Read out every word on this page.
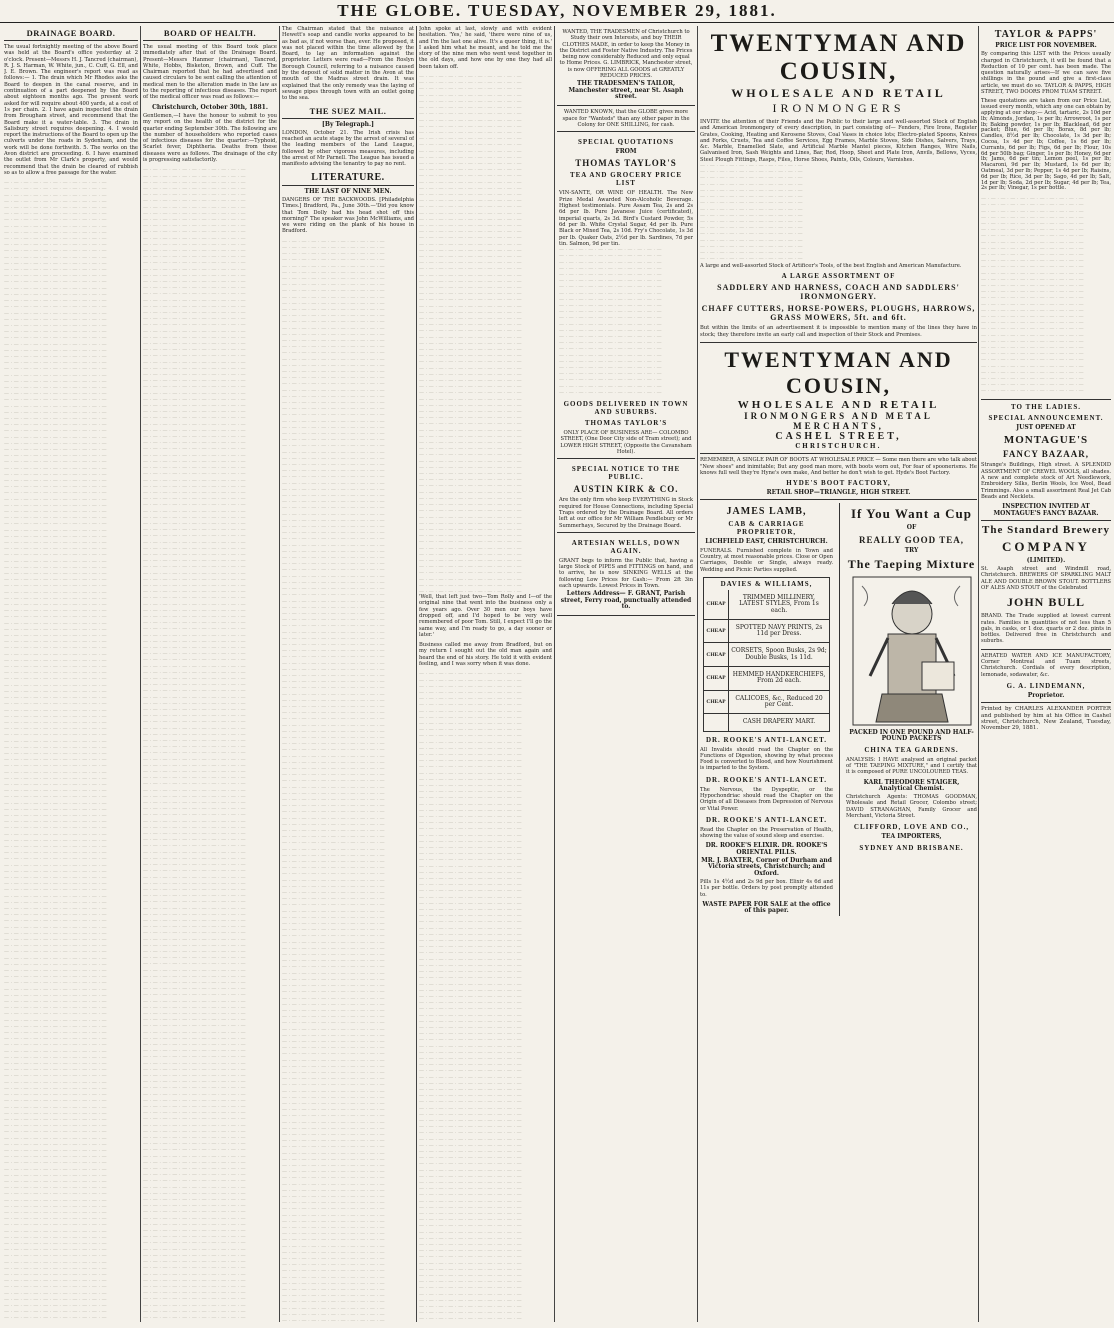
THE GLOBE. TUESDAY, NOVEMBER 29, 1881.
DRAINAGE BOARD.
The usual fortnightly meeting of the above Board was held at the Board's office yesterday at 2 o'clock. Present—Messrs H. J. Tancred (chairman), R. J. S. Harman, W. White, jun., C. Cuff, G. Ell, and J. E. Brown. The engineer's report was read as follows:— 1. The drain which Mr Rhodes asks the Board to deepen in the canal reserve, and in continuation of a part deepened by the Board about eighteen months ago. The present work asked for will require about 400 yards, at a cost of 1s per chain. 2. I have again inspected the drain from Brougham street, and recommend that the Board make it a water-table. 3. The drain in Salisbury street requires deepening. 4. I would report the instructions of the Board to open up the culverts under the roads in Sydenham, and the work will be done forthwith. 5. The works on the Avon district are proceeding. 6. I have examined the outlet from Mr Clark's property, and would recommend that the drain be cleared of rubbish so as to allow a free passage for the water.
— · — · — · — · — · — · — · — · — · — · —
— · — · — · — · — · — · — · — · — · — · —
— · — · — · — · — · — · — · — · — · — · —
— · — · — · — · — · — · — · — · — · — · —
— · — · — · — · — · — · — · — · — · — · —
— · — · — · — · — · — · — · — · — · — · —
— · — · — · — · — · — · — · — · — · — · —
— · — · — · — · — · — · — · — · — · — · —
— · — · — · — · — · — · — · — · — · — · —
— · — · — · — · — · — · — · — · — · — · —
— · — · — · — · — · — · — · — · — · — · —
— · — · — · — · — · — · — · — · — · — · —
— · — · — · — · — · — · — · — · — · — · —
— · — · — · — · — · — · — · — · — · — · —
— · — · — · — · — · — · — · — · — · — · —
— · — · — · — · — · — · — · — · — · — · —
— · — · — · — · — · — · — · — · — · — · —
— · — · — · — · — · — · — · — · — · — · —
— · — · — · — · — · — · — · — · — · — · —
— · — · — · — · — · — · — · — · — · — · —
— · — · — · — · — · — · — · — · — · — · —
— · — · — · — · — · — · — · — · — · — · —
— · — · — · — · — · — · — · — · — · — · —
— · — · — · — · — · — · — · — · — · — · —
— · — · — · — · — · — · — · — · — · — · —
— · — · — · — · — · — · — · — · — · — · —
— · — · — · — · — · — · — · — · — · — · —
— · — · — · — · — · — · — · — · — · — · —
— · — · — · — · — · — · — · — · — · — · —
— · — · — · — · — · — · — · — · — · — · —
— · — · — · — · — · — · — · — · — · — · —
— · — · — · — · — · — · — · — · — · — · —
— · — · — · — · — · — · — · — · — · — · —
— · — · — · — · — · — · — · — · — · — · —
— · — · — · — · — · — · — · — · — · — · —
— · — · — · — · — · — · — · — · — · — · —
— · — · — · — · — · — · — · — · — · — · —
— · — · — · — · — · — · — · — · — · — · —
— · — · — · — · — · — · — · — · — · — · —
— · — · — · — · — · — · — · — · — · — · —
— · — · — · — · — · — · — · — · — · — · —
— · — · — · — · — · — · — · — · — · — · —
— · — · — · — · — · — · — · — · — · — · —
— · — · — · — · — · — · — · — · — · — · —
— · — · — · — · — · — · — · — · — · — · —
— · — · — · — · — · — · — · — · — · — · —
— · — · — · — · — · — · — · — · — · — · —
— · — · — · — · — · — · — · — · — · — · —
— · — · — · — · — · — · — · — · — · — · —
— · — · — · — · — · — · — · — · — · — · —
— · — · — · — · — · — · — · — · — · — · —
— · — · — · — · — · — · — · — · — · — · —
— · — · — · — · — · — · — · — · — · — · —
— · — · — · — · — · — · — · — · — · — · —
— · — · — · — · — · — · — · — · — · — · —
— · — · — · — · — · — · — · — · — · — · —
— · — · — · — · — · — · — · — · — · — · —
— · — · — · — · — · — · — · — · — · — · —
— · — · — · — · — · — · — · — · — · — · —
— · — · — · — · — · — · — · — · — · — · —
— · — · — · — · — · — · — · — · — · — · —
— · — · — · — · — · — · — · — · — · — · —
— · — · — · — · — · — · — · — · — · — · —
— · — · — · — · — · — · — · — · — · — · —
— · — · — · — · — · — · — · — · — · — · —
— · — · — · — · — · — · — · — · — · — · —
— · — · — · — · — · — · — · — · — · — · —
— · — · — · — · — · — · — · — · — · — · —
— · — · — · — · — · — · — · — · — · — · —
— · — · — · — · — · — · — · — · — · — · —
— · — · — · — · — · — · — · — · — · — · —
— · — · — · — · — · — · — · — · — · — · —
— · — · — · — · — · — · — · — · — · — · —
— · — · — · — · — · — · — · — · — · — · —
— · — · — · — · — · — · — · — · — · — · —
— · — · — · — · — · — · — · — · — · — · —
— · — · — · — · — · — · — · — · — · — · —
— · — · — · — · — · — · — · — · — · — · —
— · — · — · — · — · — · — · — · — · — · —
— · — · — · — · — · — · — · — · — · — · —
— · — · — · — · — · — · — · — · — · — · —
— · — · — · — · — · — · — · — · — · — · —
— · — · — · — · — · — · — · — · — · — · —
— · — · — · — · — · — · — · — · — · — · —
— · — · — · — · — · — · — · — · — · — · —
— · — · — · — · — · — · — · — · — · — · —
— · — · — · — · — · — · — · — · — · — · —
— · — · — · — · — · — · — · — · — · — · —
— · — · — · — · — · — · — · — · — · — · —
— · — · — · — · — · — · — · — · — · — · —
— · — · — · — · — · — · — · — · — · — · —
— · — · — · — · — · — · — · — · — · — · —
— · — · — · — · — · — · — · — · — · — · —
— · — · — · — · — · — · — · — · — · — · —
— · — · — · — · — · — · — · — · — · — · —
— · — · — · — · — · — · — · — · — · — · —
— · — · — · — · — · — · — · — · — · — · —
— · — · — · — · — · — · — · — · — · — · —
— · — · — · — · — · — · — · — · — · — · —
— · — · — · — · — · — · — · — · — · — · —
— · — · — · — · — · — · — · — · — · — · —
— · — · — · — · — · — · — · — · — · — · —
— · — · — · — · — · — · — · — · — · — · —
— · — · — · — · — · — · — · — · — · — · —
— · — · — · — · — · — · — · — · — · — · —
— · — · — · — · — · — · — · — · — · — · —
— · — · — · — · — · — · — · — · — · — · —
— · — · — · — · — · — · — · — · — · — · —
— · — · — · — · — · — · — · — · — · — · —
— · — · — · — · — · — · — · — · — · — · —
— · — · — · — · — · — · — · — · — · — · —
— · — · — · — · — · — · — · — · — · — · —
— · — · — · — · — · — · — · — · — · — · —
— · — · — · — · — · — · — · — · — · — · —
— · — · — · — · — · — · — · — · — · — · —
— · — · — · — · — · — · — · — · — · — · —
— · — · — · — · — · — · — · — · — · — · —
— · — · — · — · — · — · — · — · — · — · —
— · — · — · — · — · — · — · — · — · — · —
— · — · — · — · — · — · — · — · — · — · —
— · — · — · — · — · — · — · — · — · — · —
— · — · — · — · — · — · — · — · — · — · —
— · — · — · — · — · — · — · — · — · — · —
— · — · — · — · — · — · — · — · — · — · —
— · — · — · — · — · — · — · — · — · — · —
— · — · — · — · — · — · — · — · — · — · —
— · — · — · — · — · — · — · — · — · — · —
— · — · — · — · — · — · — · — · — · — · —
— · — · — · — · — · — · — · — · — · — · —
— · — · — · — · — · — · — · — · — · — · —
— · — · — · — · — · — · — · — · — · — · —
— · — · — · — · — · — · — · — · — · — · —
— · — · — · — · — · — · — · — · — · — · —
— · — · — · — · — · — · — · — · — · — · —
— · — · — · — · — · — · — · — · — · — · —
— · — · — · — · — · — · — · — · — · — · —
— · — · — · — · — · — · — · — · — · — · —
— · — · — · — · — · — · — · — · — · — · —
— · — · — · — · — · — · — · — · — · — · —
— · — · — · — · — · — · — · — · — · — · —
— · — · — · — · — · — · — · — · — · — · —
— · — · — · — · — · — · — · — · — · — · —
— · — · — · — · — · — · — · — · — · — · —
— · — · — · — · — · — · — · — · — · — · —
— · — · — · — · — · — · — · — · — · — · —
— · — · — · — · — · — · — · — · — · — · —
— · — · — · — · — · — · — · — · — · — · —
— · — · — · — · — · — · — · — · — · — · —
— · — · — · — · — · — · — · — · — · — · —
— · — · — · — · — · — · — · — · — · — · —
— · — · — · — · — · — · — · — · — · — · —
— · — · — · — · — · — · — · — · — · — · —
— · — · — · — · — · — · — · — · — · — · —
— · — · — · — · — · — · — · — · — · — · —
— · — · — · — · — · — · — · — · — · — · —
— · — · — · — · — · — · — · — · — · — · —
— · — · — · — · — · — · — · — · — · — · —
— · — · — · — · — · — · — · — · — · — · —
— · — · — · — · — · — · — · — · — · — · —
— · — · — · — · — · — · — · — · — · — · —
— · — · — · — · — · — · — · — · — · — · —
— · — · — · — · — · — · — · — · — · — · —
— · — · — · — · — · — · — · — · — · — · —
— · — · — · — · — · — · — · — · — · — · —
— · — · — · — · — · — · — · — · — · — · —
— · — · — · — · — · — · — · — · — · — · —
— · — · — · — · — · — · — · — · — · — · —
— · — · — · — · — · — · — · — · — · — · —
— · — · — · — · — · — · — · — · — · — · —
— · — · — · — · — · — · — · — · — · — · —
— · — · — · — · — · — · — · — · — · — · —
— · — · — · — · — · — · — · — · — · — · —
— · — · — · — · — · — · — · — · — · — · —
— · — · — · — · — · — · — · — · — · — · —
— · — · — · — · — · — · — · — · — · — · —
— · — · — · — · — · — · — · — · — · — · —
— · — · — · — · — · — · — · — · — · — · —
— · — · — · — · — · — · — · — · — · — · —
— · — · — · — · — · — · — · — · — · — · —
— · — · — · — · — · — · — · — · — · — · —
— · — · — · — · — · — · — · — · — · — · —
— · — · — · — · — · — · — · — · — · — · —
— · — · — · — · — · — · — · — · — · — · —
— · — · — · — · — · — · — · — · — · — · —

BOARD OF HEALTH.
The usual meeting of this Board took place immediately after that of the Drainage Board. Present—Messrs Hanmer (chairman), Tancred, White, Hobbs, Bisketon, Brown, and Cuff. The Chairman reported that he had advertised and caused circulars to be sent calling the attention of medical men to the alteration made in the law as to the reporting of infectious diseases. The report of the medical officer was read as follows:—
Christchurch, October 30th, 1881.
Gentlemen,—I have the honour to submit to you my report on the health of the district for the quarter ending September 30th. The following are the number of householders who reported cases of infectious diseases for the quarter:—Typhoid, Scarlet fever, Diphtheria. Deaths from these diseases were as follows. The drainage of the city is progressing satisfactorily.
— · — · — · — · — · — · — · — · — · — · —
— · — · — · — · — · — · — · — · — · — · —
— · — · — · — · — · — · — · — · — · — · —
— · — · — · — · — · — · — · — · — · — · —
— · — · — · — · — · — · — · — · — · — · —
— · — · — · — · — · — · — · — · — · — · —
— · — · — · — · — · — · — · — · — · — · —
— · — · — · — · — · — · — · — · — · — · —
— · — · — · — · — · — · — · — · — · — · —
— · — · — · — · — · — · — · — · — · — · —
— · — · — · — · — · — · — · — · — · — · —
— · — · — · — · — · — · — · — · — · — · —
— · — · — · — · — · — · — · — · — · — · —
— · — · — · — · — · — · — · — · — · — · —
— · — · — · — · — · — · — · — · — · — · —
— · — · — · — · — · — · — · — · — · — · —
— · — · — · — · — · — · — · — · — · — · —
— · — · — · — · — · — · — · — · — · — · —
— · — · — · — · — · — · — · — · — · — · —
— · — · — · — · — · — · — · — · — · — · —
— · — · — · — · — · — · — · — · — · — · —
— · — · — · — · — · — · — · — · — · — · —
— · — · — · — · — · — · — · — · — · — · —
— · — · — · — · — · — · — · — · — · — · —
— · — · — · — · — · — · — · — · — · — · —
— · — · — · — · — · — · — · — · — · — · —
— · — · — · — · — · — · — · — · — · — · —
— · — · — · — · — · — · — · — · — · — · —
— · — · — · — · — · — · — · — · — · — · —
— · — · — · — · — · — · — · — · — · — · —
— · — · — · — · — · — · — · — · — · — · —
— · — · — · — · — · — · — · — · — · — · —
— · — · — · — · — · — · — · — · — · — · —
— · — · — · — · — · — · — · — · — · — · —
— · — · — · — · — · — · — · — · — · — · —
— · — · — · — · — · — · — · — · — · — · —
— · — · — · — · — · — · — · — · — · — · —
— · — · — · — · — · — · — · — · — · — · —
— · — · — · — · — · — · — · — · — · — · —
— · — · — · — · — · — · — · — · — · — · —
— · — · — · — · — · — · — · — · — · — · —
— · — · — · — · — · — · — · — · — · — · —
— · — · — · — · — · — · — · — · — · — · —
— · — · — · — · — · — · — · — · — · — · —
— · — · — · — · — · — · — · — · — · — · —
— · — · — · — · — · — · — · — · — · — · —
— · — · — · — · — · — · — · — · — · — · —
— · — · — · — · — · — · — · — · — · — · —
— · — · — · — · — · — · — · — · — · — · —
— · — · — · — · — · — · — · — · — · — · —
— · — · — · — · — · — · — · — · — · — · —
— · — · — · — · — · — · — · — · — · — · —
— · — · — · — · — · — · — · — · — · — · —
— · — · — · — · — · — · — · — · — · — · —
— · — · — · — · — · — · — · — · — · — · —
— · — · — · — · — · — · — · — · — · — · —
— · — · — · — · — · — · — · — · — · — · —
— · — · — · — · — · — · — · — · — · — · —
— · — · — · — · — · — · — · — · — · — · —
— · — · — · — · — · — · — · — · — · — · —
— · — · — · — · — · — · — · — · — · — · —
— · — · — · — · — · — · — · — · — · — · —
— · — · — · — · — · — · — · — · — · — · —
— · — · — · — · — · — · — · — · — · — · —
— · — · — · — · — · — · — · — · — · — · —
— · — · — · — · — · — · — · — · — · — · —
— · — · — · — · — · — · — · — · — · — · —
— · — · — · — · — · — · — · — · — · — · —
— · — · — · — · — · — · — · — · — · — · —
— · — · — · — · — · — · — · — · — · — · —
— · — · — · — · — · — · — · — · — · — · —
— · — · — · — · — · — · — · — · — · — · —
— · — · — · — · — · — · — · — · — · — · —
— · — · — · — · — · — · — · — · — · — · —
— · — · — · — · — · — · — · — · — · — · —
— · — · — · — · — · — · — · — · — · — · —
— · — · — · — · — · — · — · — · — · — · —
— · — · — · — · — · — · — · — · — · — · —
— · — · — · — · — · — · — · — · — · — · —
— · — · — · — · — · — · — · — · — · — · —
— · — · — · — · — · — · — · — · — · — · —
— · — · — · — · — · — · — · — · — · — · —
— · — · — · — · — · — · — · — · — · — · —
— · — · — · — · — · — · — · — · — · — · —
— · — · — · — · — · — · — · — · — · — · —
— · — · — · — · — · — · — · — · — · — · —
— · — · — · — · — · — · — · — · — · — · —
— · — · — · — · — · — · — · — · — · — · —
— · — · — · — · — · — · — · — · — · — · —
— · — · — · — · — · — · — · — · — · — · —
— · — · — · — · — · — · — · — · — · — · —
— · — · — · — · — · — · — · — · — · — · —
— · — · — · — · — · — · — · — · — · — · —
— · — · — · — · — · — · — · — · — · — · —
— · — · — · — · — · — · — · — · — · — · —
— · — · — · — · — · — · — · — · — · — · —
— · — · — · — · — · — · — · — · — · — · —
— · — · — · — · — · — · — · — · — · — · —
— · — · — · — · — · — · — · — · — · — · —
— · — · — · — · — · — · — · — · — · — · —
— · — · — · — · — · — · — · — · — · — · —
— · — · — · — · — · — · — · — · — · — · —
— · — · — · — · — · — · — · — · — · — · —
— · — · — · — · — · — · — · — · — · — · —
— · — · — · — · — · — · — · — · — · — · —
— · — · — · — · — · — · — · — · — · — · —
— · — · — · — · — · — · — · — · — · — · —
— · — · — · — · — · — · — · — · — · — · —
— · — · — · — · — · — · — · — · — · — · —
— · — · — · — · — · — · — · — · — · — · —
— · — · — · — · — · — · — · — · — · — · —
— · — · — · — · — · — · — · — · — · — · —
— · — · — · — · — · — · — · — · — · — · —
— · — · — · — · — · — · — · — · — · — · —
— · — · — · — · — · — · — · — · — · — · —
— · — · — · — · — · — · — · — · — · — · —
— · — · — · — · — · — · — · — · — · — · —
— · — · — · — · — · — · — · — · — · — · —
— · — · — · — · — · — · — · — · — · — · —
— · — · — · — · — · — · — · — · — · — · —
— · — · — · — · — · — · — · — · — · — · —
— · — · — · — · — · — · — · — · — · — · —
— · — · — · — · — · — · — · — · — · — · —
— · — · — · — · — · — · — · — · — · — · —
— · — · — · — · — · — · — · — · — · — · —
— · — · — · — · — · — · — · — · — · — · —
— · — · — · — · — · — · — · — · — · — · —
— · — · — · — · — · — · — · — · — · — · —
— · — · — · — · — · — · — · — · — · — · —
— · — · — · — · — · — · — · — · — · — · —
— · — · — · — · — · — · — · — · — · — · —
— · — · — · — · — · — · — · — · — · — · —
— · — · — · — · — · — · — · — · — · — · —
— · — · — · — · — · — · — · — · — · — · —
— · — · — · — · — · — · — · — · — · — · —
— · — · — · — · — · — · — · — · — · — · —
— · — · — · — · — · — · — · — · — · — · —
— · — · — · — · — · — · — · — · — · — · —
— · — · — · — · — · — · — · — · — · — · —
— · — · — · — · — · — · — · — · — · — · —
— · — · — · — · — · — · — · — · — · — · —
— · — · — · — · — · — · — · — · — · — · —
— · — · — · — · — · — · — · — · — · — · —
— · — · — · — · — · — · — · — · — · — · —
— · — · — · — · — · — · — · — · — · — · —
— · — · — · — · — · — · — · — · — · — · —
— · — · — · — · — · — · — · — · — · — · —
— · — · — · — · — · — · — · — · — · — · —
— · — · — · — · — · — · — · — · — · — · —
— · — · — · — · — · — · — · — · — · — · —
— · — · — · — · — · — · — · — · — · — · —
— · — · — · — · — · — · — · — · — · — · —
— · — · — · — · — · — · — · — · — · — · —
— · — · — · — · — · — · — · — · — · — · —
— · — · — · — · — · — · — · — · — · — · —
— · — · — · — · — · — · — · — · — · — · —
— · — · — · — · — · — · — · — · — · — · —
— · — · — · — · — · — · — · — · — · — · —
— · — · — · — · — · — · — · — · — · — · —
— · — · — · — · — · — · — · — · — · — · —
— · — · — · — · — · — · — · — · — · — · —
— · — · — · — · — · — · — · — · — · — · —
— · — · — · — · — · — · — · — · — · — · —
— · — · — · — · — · — · — · — · — · — · —
— · — · — · — · — · — · — · — · — · — · —
— · — · — · — · — · — · — · — · — · — · —
— · — · — · — · — · — · — · — · — · — · —
— · — · — · — · — · — · — · — · — · — · —
— · — · — · — · — · — · — · — · — · — · —
— · — · — · — · — · — · — · — · — · — · —
— · — · — · — · — · — · — · — · — · — · —
— · — · — · — · — · — · — · — · — · — · —
— · — · — · — · — · — · — · — · — · — · —
— · — · — · — · — · — · — · — · — · — · —
— · — · — · — · — · — · — · — · — · — · —
— · — · — · — · — · — · — · — · — · — · —
— · — · — · — · — · — · — · — · — · — · —
— · — · — · — · — · — · — · — · — · — · —
— · — · — · — · — · — · — · — · — · — · —
— · — · — · — · — · — · — · — · — · — · —
— · — · — · — · — · — · — · — · — · — · —
— · — · — · — · — · — · — · — · — · — · —
— · — · — · — · — · — · — · — · — · — · —
— · — · — · — · — · — · — · — · — · — · —
— · — · — · — · — · — · — · — · — · — · —
— · — · — · — · — · — · — · — · — · — · —

The Chairman stated that the nuisance at Hewett's soap and candle works appeared to be as bad as, if not worse than, ever. He proposed, it was not placed within the time allowed by the Board, to lay an information against the proprietor. Letters were read—From the Roslyn Borough Council, referring to a nuisance caused by the deposit of solid matter in the Avon at the mouth of the Madras street drain. It was explained that the only remedy was the laying of sewage pipes through town with an outlet going to the sea.
THE SUEZ MAIL.
[By Telegraph.]
LONDON, October 21. The Irish crisis has reached an acute stage by the arrest of several of the leading members of the Land League, followed by other vigorous measures, including the arrest of Mr Parnell. The League has issued a manifesto advising the tenantry to pay no rent.
LITERATURE.
THE LAST OF NINE MEN.
DANGERS OF THE BACKWOODS. [Philadelphia Times.] Bradford, Pa., June 30th.—'Did you know that Tom Dolly had his head shot off this morning?' The speaker was John McWilliams, and we were riding on the plank of his house in Bradford.
— · — · — · — · — · — · — · — · — · — · —
— · — · — · — · — · — · — · — · — · — · —
— · — · — · — · — · — · — · — · — · — · —
— · — · — · — · — · — · — · — · — · — · —
— · — · — · — · — · — · — · — · — · — · —
— · — · — · — · — · — · — · — · — · — · —
— · — · — · — · — · — · — · — · — · — · —
— · — · — · — · — · — · — · — · — · — · —
— · — · — · — · — · — · — · — · — · — · —
— · — · — · — · — · — · — · — · — · — · —
— · — · — · — · — · — · — · — · — · — · —
— · — · — · — · — · — · — · — · — · — · —
— · — · — · — · — · — · — · — · — · — · —
— · — · — · — · — · — · — · — · — · — · —
— · — · — · — · — · — · — · — · — · — · —
— · — · — · — · — · — · — · — · — · — · —
— · — · — · — · — · — · — · — · — · — · —
— · — · — · — · — · — · — · — · — · — · —
— · — · — · — · — · — · — · — · — · — · —
— · — · — · — · — · — · — · — · — · — · —
— · — · — · — · — · — · — · — · — · — · —
— · — · — · — · — · — · — · — · — · — · —
— · — · — · — · — · — · — · — · — · — · —
— · — · — · — · — · — · — · — · — · — · —
— · — · — · — · — · — · — · — · — · — · —
— · — · — · — · — · — · — · — · — · — · —
— · — · — · — · — · — · — · — · — · — · —
— · — · — · — · — · — · — · — · — · — · —
— · — · — · — · — · — · — · — · — · — · —
— · — · — · — · — · — · — · — · — · — · —
— · — · — · — · — · — · — · — · — · — · —
— · — · — · — · — · — · — · — · — · — · —
— · — · — · — · — · — · — · — · — · — · —
— · — · — · — · — · — · — · — · — · — · —
— · — · — · — · — · — · — · — · — · — · —
— · — · — · — · — · — · — · — · — · — · —
— · — · — · — · — · — · — · — · — · — · —
— · — · — · — · — · — · — · — · — · — · —
— · — · — · — · — · — · — · — · — · — · —
— · — · — · — · — · — · — · — · — · — · —
— · — · — · — · — · — · — · — · — · — · —
— · — · — · — · — · — · — · — · — · — · —
— · — · — · — · — · — · — · — · — · — · —
— · — · — · — · — · — · — · — · — · — · —
— · — · — · — · — · — · — · — · — · — · —
— · — · — · — · — · — · — · — · — · — · —
— · — · — · — · — · — · — · — · — · — · —
— · — · — · — · — · — · — · — · — · — · —
— · — · — · — · — · — · — · — · — · — · —
— · — · — · — · — · — · — · — · — · — · —
— · — · — · — · — · — · — · — · — · — · —
— · — · — · — · — · — · — · — · — · — · —
— · — · — · — · — · — · — · — · — · — · —
— · — · — · — · — · — · — · — · — · — · —
— · — · — · — · — · — · — · — · — · — · —
— · — · — · — · — · — · — · — · — · — · —
— · — · — · — · — · — · — · — · — · — · —
— · — · — · — · — · — · — · — · — · — · —
— · — · — · — · — · — · — · — · — · — · —
— · — · — · — · — · — · — · — · — · — · —
— · — · — · — · — · — · — · — · — · — · —
— · — · — · — · — · — · — · — · — · — · —
— · — · — · — · — · — · — · — · — · — · —
— · — · — · — · — · — · — · — · — · — · —
— · — · — · — · — · — · — · — · — · — · —
— · — · — · — · — · — · — · — · — · — · —
— · — · — · — · — · — · — · — · — · — · —
— · — · — · — · — · — · — · — · — · — · —
— · — · — · — · — · — · — · — · — · — · —
— · — · — · — · — · — · — · — · — · — · —
— · — · — · — · — · — · — · — · — · — · —
— · — · — · — · — · — · — · — · — · — · —
— · — · — · — · — · — · — · — · — · — · —
— · — · — · — · — · — · — · — · — · — · —
— · — · — · — · — · — · — · — · — · — · —
— · — · — · — · — · — · — · — · — · — · —
— · — · — · — · — · — · — · — · — · — · —
— · — · — · — · — · — · — · — · — · — · —
— · — · — · — · — · — · — · — · — · — · —
— · — · — · — · — · — · — · — · — · — · —
— · — · — · — · — · — · — · — · — · — · —
— · — · — · — · — · — · — · — · — · — · —
— · — · — · — · — · — · — · — · — · — · —
— · — · — · — · — · — · — · — · — · — · —
— · — · — · — · — · — · — · — · — · — · —
— · — · — · — · — · — · — · — · — · — · —
— · — · — · — · — · — · — · — · — · — · —
— · — · — · — · — · — · — · — · — · — · —
— · — · — · — · — · — · — · — · — · — · —
— · — · — · — · — · — · — · — · — · — · —
— · — · — · — · — · — · — · — · — · — · —
— · — · — · — · — · — · — · — · — · — · —
— · — · — · — · — · — · — · — · — · — · —
— · — · — · — · — · — · — · — · — · — · —
— · — · — · — · — · — · — · — · — · — · —
— · — · — · — · — · — · — · — · — · — · —
— · — · — · — · — · — · — · — · — · — · —
— · — · — · — · — · — · — · — · — · — · —
— · — · — · — · — · — · — · — · — · — · —
— · — · — · — · — · — · — · — · — · — · —
— · — · — · — · — · — · — · — · — · — · —
— · — · — · — · — · — · — · — · — · — · —
— · — · — · — · — · — · — · — · — · — · —
— · — · — · — · — · — · — · — · — · — · —
— · — · — · — · — · — · — · — · — · — · —
— · — · — · — · — · — · — · — · — · — · —
— · — · — · — · — · — · — · — · — · — · —
— · — · — · — · — · — · — · — · — · — · —
— · — · — · — · — · — · — · — · — · — · —
— · — · — · — · — · — · — · — · — · — · —
— · — · — · — · — · — · — · — · — · — · —
— · — · — · — · — · — · — · — · — · — · —
— · — · — · — · — · — · — · — · — · — · —
— · — · — · — · — · — · — · — · — · — · —
— · — · — · — · — · — · — · — · — · — · —
— · — · — · — · — · — · — · — · — · — · —
— · — · — · — · — · — · — · — · — · — · —
— · — · — · — · — · — · — · — · — · — · —
— · — · — · — · — · — · — · — · — · — · —
— · — · — · — · — · — · — · — · — · — · —
— · — · — · — · — · — · — · — · — · — · —
— · — · — · — · — · — · — · — · — · — · —
— · — · — · — · — · — · — · — · — · — · —
— · — · — · — · — · — · — · — · — · — · —
— · — · — · — · — · — · — · — · — · — · —
— · — · — · — · — · — · — · — · — · — · —
— · — · — · — · — · — · — · — · — · — · —
— · — · — · — · — · — · — · — · — · — · —
— · — · — · — · — · — · — · — · — · — · —
— · — · — · — · — · — · — · — · — · — · —
— · — · — · — · — · — · — · — · — · — · —
— · — · — · — · — · — · — · — · — · — · —
— · — · — · — · — · — · — · — · — · — · —
— · — · — · — · — · — · — · — · — · — · —
— · — · — · — · — · — · — · — · — · — · —
— · — · — · — · — · — · — · — · — · — · —
— · — · — · — · — · — · — · — · — · — · —
— · — · — · — · — · — · — · — · — · — · —
— · — · — · — · — · — · — · — · — · — · —
— · — · — · — · — · — · — · — · — · — · —
— · — · — · — · — · — · — · — · — · — · —
— · — · — · — · — · — · — · — · — · — · —
— · — · — · — · — · — · — · — · — · — · —
— · — · — · — · — · — · — · — · — · — · —
— · — · — · — · — · — · — · — · — · — · —
— · — · — · — · — · — · — · — · — · — · —
— · — · — · — · — · — · — · — · — · — · —
— · — · — · — · — · — · — · — · — · — · —
— · — · — · — · — · — · — · — · — · — · —
— · — · — · — · — · — · — · — · — · — · —
— · — · — · — · — · — · — · — · — · — · —
— · — · — · — · — · — · — · — · — · — · —
— · — · — · — · — · — · — · — · — · — · —
— · — · — · — · — · — · — · — · — · — · —
— · — · — · — · — · — · — · — · — · — · —
— · — · — · — · — · — · — · — · — · — · —
— · — · — · — · — · — · — · — · — · — · —
— · — · — · — · — · — · — · — · — · — · —
— · — · — · — · — · — · — · — · — · — · —
— · — · — · — · — · — · — · — · — · — · —
— · — · — · — · — · — · — · — · — · — · —
— · — · — · — · — · — · — · — · — · — · —
— · — · — · — · — · — · — · — · — · — · —
— · — · — · — · — · — · — · — · — · — · —
— · — · — · — · — · — · — · — · — · — · —
— · — · — · — · — · — · — · — · — · — · —
— · — · — · — · — · — · — · — · — · — · —
— · — · — · — · — · — · — · — · — · — · —
— · — · — · — · — · — · — · — · — · — · —
— · — · — · — · — · — · — · — · — · — · —
— · — · — · — · — · — · — · — · — · — · —
— · — · — · — · — · — · — · — · — · — · —
— · — · — · — · — · — · — · — · — · — · —
— · — · — · — · — · — · — · — · — · — · —
— · — · — · — · — · — · — · — · — · — · —

John spoke at last, slowly and with evident hesitation. 'Yes,' he said, 'there were nine of us, and I'm the last one alive. It's a queer thing, it is.' I asked him what he meant, and he told me the story of the nine men who went west together in the old days, and how one by one they had all been taken off.
— · — · — · — · — · — · — · — · — · — · —
— · — · — · — · — · — · — · — · — · — · —
— · — · — · — · — · — · — · — · — · — · —
— · — · — · — · — · — · — · — · — · — · —
— · — · — · — · — · — · — · — · — · — · —
— · — · — · — · — · — · — · — · — · — · —
— · — · — · — · — · — · — · — · — · — · —
— · — · — · — · — · — · — · — · — · — · —
— · — · — · — · — · — · — · — · — · — · —
— · — · — · — · — · — · — · — · — · — · —
— · — · — · — · — · — · — · — · — · — · —
— · — · — · — · — · — · — · — · — · — · —
— · — · — · — · — · — · — · — · — · — · —
— · — · — · — · — · — · — · — · — · — · —
— · — · — · — · — · — · — · — · — · — · —
— · — · — · — · — · — · — · — · — · — · —
— · — · — · — · — · — · — · — · — · — · —
— · — · — · — · — · — · — · — · — · — · —
— · — · — · — · — · — · — · — · — · — · —
— · — · — · — · — · — · — · — · — · — · —
— · — · — · — · — · — · — · — · — · — · —
— · — · — · — · — · — · — · — · — · — · —
— · — · — · — · — · — · — · — · — · — · —
— · — · — · — · — · — · — · — · — · — · —
— · — · — · — · — · — · — · — · — · — · —
— · — · — · — · — · — · — · — · — · — · —
— · — · — · — · — · — · — · — · — · — · —
— · — · — · — · — · — · — · — · — · — · —
— · — · — · — · — · — · — · — · — · — · —
— · — · — · — · — · — · — · — · — · — · —
— · — · — · — · — · — · — · — · — · — · —
— · — · — · — · — · — · — · — · — · — · —
— · — · — · — · — · — · — · — · — · — · —
— · — · — · — · — · — · — · — · — · — · —
— · — · — · — · — · — · — · — · — · — · —
— · — · — · — · — · — · — · — · — · — · —
— · — · — · — · — · — · — · — · — · — · —
— · — · — · — · — · — · — · — · — · — · —
— · — · — · — · — · — · — · — · — · — · —
— · — · — · — · — · — · — · — · — · — · —
— · — · — · — · — · — · — · — · — · — · —
— · — · — · — · — · — · — · — · — · — · —
— · — · — · — · — · — · — · — · — · — · —
— · — · — · — · — · — · — · — · — · — · —
— · — · — · — · — · — · — · — · — · — · —
— · — · — · — · — · — · — · — · — · — · —
— · — · — · — · — · — · — · — · — · — · —
— · — · — · — · — · — · — · — · — · — · —
— · — · — · — · — · — · — · — · — · — · —
— · — · — · — · — · — · — · — · — · — · —
— · — · — · — · — · — · — · — · — · — · —
— · — · — · — · — · — · — · — · — · — · —
— · — · — · — · — · — · — · — · — · — · —
— · — · — · — · — · — · — · — · — · — · —
— · — · — · — · — · — · — · — · — · — · —
— · — · — · — · — · — · — · — · — · — · —
— · — · — · — · — · — · — · — · — · — · —
— · — · — · — · — · — · — · — · — · — · —
— · — · — · — · — · — · — · — · — · — · —
— · — · — · — · — · — · — · — · — · — · —
— · — · — · — · — · — · — · — · — · — · —
— · — · — · — · — · — · — · — · — · — · —
— · — · — · — · — · — · — · — · — · — · —
— · — · — · — · — · — · — · — · — · — · —
— · — · — · — · — · — · — · — · — · — · —
— · — · — · — · — · — · — · — · — · — · —
— · — · — · — · — · — · — · — · — · — · —
— · — · — · — · — · — · — · — · — · — · —
— · — · — · — · — · — · — · — · — · — · —
— · — · — · — · — · — · — · — · — · — · —
— · — · — · — · — · — · — · — · — · — · —
— · — · — · — · — · — · — · — · — · — · —
— · — · — · — · — · — · — · — · — · — · —
— · — · — · — · — · — · — · — · — · — · —
— · — · — · — · — · — · — · — · — · — · —
— · — · — · — · — · — · — · — · — · — · —
— · — · — · — · — · — · — · — · — · — · —
— · — · — · — · — · — · — · — · — · — · —
— · — · — · — · — · — · — · — · — · — · —
— · — · — · — · — · — · — · — · — · — · —
— · — · — · — · — · — · — · — · — · — · —
— · — · — · — · — · — · — · — · — · — · —
— · — · — · — · — · — · — · — · — · — · —
— · — · — · — · — · — · — · — · — · — · —

'Well, that left just two—Tom Rolly and I—of the original nine that went into the business only a few years ago. Over 30 men our boys have dropped off, and I'd hoped to be very well remembered of poor Tom. Still, I expect I'll go the same way, and I'm ready to go, a day sooner or later.'
Business called me away from Bradford, but on my return I sought out the old man again and heard the end of his story. He told it with evident feeling, and I was sorry when it was done.
— · — · — · — · — · — · — · — · — · — · —
— · — · — · — · — · — · — · — · — · — · —
— · — · — · — · — · — · — · — · — · — · —
— · — · — · — · — · — · — · — · — · — · —
— · — · — · — · — · — · — · — · — · — · —
— · — · — · — · — · — · — · — · — · — · —
— · — · — · — · — · — · — · — · — · — · —
— · — · — · — · — · — · — · — · — · — · —
— · — · — · — · — · — · — · — · — · — · —
— · — · — · — · — · — · — · — · — · — · —
— · — · — · — · — · — · — · — · — · — · —
— · — · — · — · — · — · — · — · — · — · —
— · — · — · — · — · — · — · — · — · — · —
— · — · — · — · — · — · — · — · — · — · —
— · — · — · — · — · — · — · — · — · — · —
— · — · — · — · — · — · — · — · — · — · —
— · — · — · — · — · — · — · — · — · — · —
— · — · — · — · — · — · — · — · — · — · —
— · — · — · — · — · — · — · — · — · — · —
— · — · — · — · — · — · — · — · — · — · —
— · — · — · — · — · — · — · — · — · — · —
— · — · — · — · — · — · — · — · — · — · —
— · — · — · — · — · — · — · — · — · — · —
— · — · — · — · — · — · — · — · — · — · —
— · — · — · — · — · — · — · — · — · — · —
— · — · — · — · — · — · — · — · — · — · —
— · — · — · — · — · — · — · — · — · — · —
— · — · — · — · — · — · — · — · — · — · —
— · — · — · — · — · — · — · — · — · — · —
— · — · — · — · — · — · — · — · — · — · —
— · — · — · — · — · — · — · — · — · — · —
— · — · — · — · — · — · — · — · — · — · —
— · — · — · — · — · — · — · — · — · — · —
— · — · — · — · — · — · — · — · — · — · —
— · — · — · — · — · — · — · — · — · — · —
— · — · — · — · — · — · — · — · — · — · —
— · — · — · — · — · — · — · — · — · — · —
— · — · — · — · — · — · — · — · — · — · —
— · — · — · — · — · — · — · — · — · — · —
— · — · — · — · — · — · — · — · — · — · —
— · — · — · — · — · — · — · — · — · — · —
— · — · — · — · — · — · — · — · — · — · —
— · — · — · — · — · — · — · — · — · — · —
— · — · — · — · — · — · — · — · — · — · —
— · — · — · — · — · — · — · — · — · — · —
— · — · — · — · — · — · — · — · — · — · —
— · — · — · — · — · — · — · — · — · — · —
— · — · — · — · — · — · — · — · — · — · —
— · — · — · — · — · — · — · — · — · — · —
— · — · — · — · — · — · — · — · — · — · —
— · — · — · — · — · — · — · — · — · — · —
— · — · — · — · — · — · — · — · — · — · —
— · — · — · — · — · — · — · — · — · — · —
— · — · — · — · — · — · — · — · — · — · —
— · — · — · — · — · — · — · — · — · — · —
— · — · — · — · — · — · — · — · — · — · —
— · — · — · — · — · — · — · — · — · — · —
— · — · — · — · — · — · — · — · — · — · —
— · — · — · — · — · — · — · — · — · — · —
— · — · — · — · — · — · — · — · — · — · —
— · — · — · — · — · — · — · — · — · — · —
— · — · — · — · — · — · — · — · — · — · —
— · — · — · — · — · — · — · — · — · — · —
— · — · — · — · — · — · — · — · — · — · —
— · — · — · — · — · — · — · — · — · — · —
— · — · — · — · — · — · — · — · — · — · —
— · — · — · — · — · — · — · — · — · — · —
— · — · — · — · — · — · — · — · — · — · —
— · — · — · — · — · — · — · — · — · — · —
— · — · — · — · — · — · — · — · — · — · —
— · — · — · — · — · — · — · — · — · — · —
— · — · — · — · — · — · — · — · — · — · —
— · — · — · — · — · — · — · — · — · — · —
— · — · — · — · — · — · — · — · — · — · —
— · — · — · — · — · — · — · — · — · — · —
— · — · — · — · — · — · — · — · — · — · —
— · — · — · — · — · — · — · — · — · — · —
— · — · — · — · — · — · — · — · — · — · —
— · — · — · — · — · — · — · — · — · — · —
— · — · — · — · — · — · — · — · — · — · —
— · — · — · — · — · — · — · — · — · — · —
— · — · — · — · — · — · — · — · — · — · —
— · — · — · — · — · — · — · — · — · — · —
— · — · — · — · — · — · — · — · — · — · —
— · — · — · — · — · — · — · — · — · — · —
— · — · — · — · — · — · — · — · — · — · —
— · — · — · — · — · — · — · — · — · — · —
— · — · — · — · — · — · — · — · — · — · —
— · — · — · — · — · — · — · — · — · — · —
— · — · — · — · — · — · — · — · — · — · —
— · — · — · — · — · — · — · — · — · — · —
— · — · — · — · — · — · — · — · — · — · —
— · — · — · — · — · — · — · — · — · — · —
— · — · — · — · — · — · — · — · — · — · —
— · — · — · — · — · — · — · — · — · — · —
— · — · — · — · — · — · — · — · — · — · —
— · — · — · — · — · — · — · — · — · — · —
— · — · — · — · — · — · — · — · — · — · —
— · — · — · — · — · — · — · — · — · — · —
— · — · — · — · — · — · — · — · — · — · —
— · — · — · — · — · — · — · — · — · — · —
— · — · — · — · — · — · — · — · — · — · —
— · — · — · — · — · — · — · — · — · — · —
— · — · — · — · — · — · — · — · — · — · —
— · — · — · — · — · — · — · — · — · — · —

WANTED, THE TRADESMEN of Christchurch to Study their own Interests, and buy THEIR CLOTHES MADE, in order to keep the Money in the District and Foster Native Industry. The Prices being now considerably Reduced and only equal to Home Prices. G. LIMBRICK, Manchester street, is now OFFERING ALL GOODS at GREATLY REDUCED PRICES.
THE TRADESMEN'S TAILOR, Manchester street, near St. Asaph street.
WANTED KNOWN, that the GLOBE gives more space for "Wanteds" than any other paper in the Colony for ONE SHILLING, for cash.
SPECIAL QUOTATIONS
FROM
THOMAS TAYLOR'S
TEA AND GROCERY PRICE LIST
VIN-SANTE, OR WINE OF HEALTH. The New Prize Medal Awarded Non-Alcoholic Beverage. Highest testimonials. Pure Assam Tea, 2s and 2s 6d per lb. Pure Javanese Juice (certificated), imperial quarts, 2s 3d. Bird's Custard Powder, 5s 6d per lb. White Crystal Sugar, 4d per lb. Pure Black or Mixed Tea, 2s 10d. Fry's Chocolate, 1s 3d per lb. Quaker Oats, 2½d per lb. Sardines, 7d per tin. Salmon, 9d per tin.
— · — · — · — · — · — · — · — · — · — · —
— · — · — · — · — · — · — · — · — · — · —
— · — · — · — · — · — · — · — · — · — · —
— · — · — · — · — · — · — · — · — · — · —
— · — · — · — · — · — · — · — · — · — · —
— · — · — · — · — · — · — · — · — · — · —
— · — · — · — · — · — · — · — · — · — · —
— · — · — · — · — · — · — · — · — · — · —
— · — · — · — · — · — · — · — · — · — · —
— · — · — · — · — · — · — · — · — · — · —
— · — · — · — · — · — · — · — · — · — · —
— · — · — · — · — · — · — · — · — · — · —
— · — · — · — · — · — · — · — · — · — · —
— · — · — · — · — · — · — · — · — · — · —
— · — · — · — · — · — · — · — · — · — · —
— · — · — · — · — · — · — · — · — · — · —
— · — · — · — · — · — · — · — · — · — · —
— · — · — · — · — · — · — · — · — · — · —
— · — · — · — · — · — · — · — · — · — · —
— · — · — · — · — · — · — · — · — · — · —
— · — · — · — · — · — · — · — · — · — · —
— · — · — · — · — · — · — · — · — · — · —
— · — · — · — · — · — · — · — · — · — · —
— · — · — · — · — · — · — · — · — · — · —

GOODS DELIVERED IN TOWN AND SUBURBS.
THOMAS TAYLOR'S
ONLY PLACE OF BUSINESS ARE— COLOMBO STREET, (One Door City side of Tram street); and LOWER HIGH STREET, (Opposite the Cavansham Hotel).
SPECIAL NOTICE TO THE PUBLIC.
AUSTIN KIRK & CO.
Are the only firm who keep EVERYTHING in Stock required for House Connections, including Special Traps ordered by the Drainage Board. All orders left at our office for Mr William Pendlebury or Mr Summerhays, Secured by the Drainage Board.
ARTESIAN WELLS, DOWN AGAIN.
GRANT begs to inform the Public that, having a large Stock of PIPES and FITTINGS on hand, and to arrive, he is now SINKING WELLS at the following Low Prices for Cash:— From 2ft 3in each upwards. Lowest Prices in Town.
Letters Address— F. GRANT, Parish street, Ferry road, punctually attended to.
TWENTYMAN AND COUSIN,
WHOLESALE AND RETAIL
IRONMONGERS
INVITE the attention of their Friends and the Public to their large and well-assorted Stock of English and American Ironmongery of every description, in part consisting of— Fenders, Fire Irons, Register Grates, Cooking, Heating and Kerosene Stoves, Coal Vases in choice lots; Electro-plated Spoons, Knives and Forks, Cruets, Tea and Coffee Services, Egg Frames, Marble Stoves, Side Dishes, Salvers, Trays, &c. Marble, Enamelled Slate, and Artificial Marble Mantel pieces, Kitchen Ranges, Wire Nails, Galvanised Iron, Sash Weights and Lines, Bar, Rod, Hoop, Sheet and Plate Iron, Anvils, Bellows, Vyces, Steel Plough Fittings, Rasps, Files, Horse Shoes, Paints, Oils, Colours, Varnishes.
— · — · — · — · — · — · — · — · — · — · —
— · — · — · — · — · — · — · — · — · — · —
— · — · — · — · — · — · — · — · — · — · —
— · — · — · — · — · — · — · — · — · — · —
— · — · — · — · — · — · — · — · — · — · —
— · — · — · — · — · — · — · — · — · — · —
— · — · — · — · — · — · — · — · — · — · —
— · — · — · — · — · — · — · — · — · — · —
— · — · — · — · — · — · — · — · — · — · —
— · — · — · — · — · — · — · — · — · — · —
— · — · — · — · — · — · — · — · — · — · —
— · — · — · — · — · — · — · — · — · — · —
— · — · — · — · — · — · — · — · — · — · —
— · — · — · — · — · — · — · — · — · — · —
— · — · — · — · — · — · — · — · — · — · —
— · — · — · — · — · — · — · — · — · — · —

A large and well-assorted Stock of Artificer's Tools, of the best English and American Manufacture.
A LARGE ASSORTMENT OF
SADDLERY AND HARNESS, COACH AND SADDLERS' IRONMONGERY.
CHAFF CUTTERS, HORSE-POWERS, PLOUGHS, HARROWS, GRASS MOWERS, 5ft. and 6ft.
But within the limits of an advertisement it is impossible to mention many of the lines they have in stock; they therefore invite an early call and inspection of their Stock and Premises.
TWENTYMAN AND COUSIN,
WHOLESALE AND RETAIL
IRONMONGERS AND METAL MERCHANTS,
CASHEL STREET,
CHRISTCHURCH.
REMEMBER, A SINGLE PAIR OF BOOTS AT WHOLESALE PRICE — Some men there are who talk about "New shoes" and inimitable; But any good man more, with boots worn out, For fear of spoonerisms. He knows full well they're Hyne's own make, And better he don't wish to get. Hyde's Boot Factory.
HYDE'S BOOT FACTORY,
RETAIL SHOP—TRIANGLE, HIGH STREET.
JAMES LAMB,
CAB & CARRIAGE PROPRIETOR,
LICHFIELD EAST, CHRISTCHURCH.
FUNERALS. Furnished complete in Town and Country, at most reasonable prices. Close or Open Carriages, Double or Single, always ready. Wedding and Picnic Parties supplied.
DAVIES & WILLIAMS,
CHEAP
TRIMMED MILLINERY, LATEST STYLES, From 1s each.
CHEAP
SPOTTED NAVY PRINTS, 2s 11d per Dress.
CHEAP
CORSETS, Spoon Busks, 2s 9d; Double Busks, 1s 11d.
CHEAP
HEMMED HANDKERCHIEFS, From 2d each.
CHEAP
CALICOES, &c., Reduced 20 per Cent.
CASH DRAPERY MART.
DR. ROOKE'S ANTI-LANCET.
All Invalids should read the Chapter on the Functions of Digestion, showing by what process Food is converted to Blood, and how Nourishment is imparted to the System.
DR. ROOKE'S ANTI-LANCET.
The Nervous, the Dyspeptic, or the Hypochondriac should read the Chapter on the Origin of all Diseases from Depression of Nervous or Vital Power.
DR. ROOKE'S ANTI-LANCET.
Read the Chapter on the Preservation of Health, showing the value of sound sleep and exercise.
DR. ROOKE'S ELIXIR. DR. ROOKE'S ORIENTAL PILLS.
MR. J. BAXTER, Corner of Durham and Victoria streets, Christchurch; and Oxford.
Pills 1s 4½d and 2s 9d per box. Elixir 4s 6d and 11s per bottle. Orders by post promptly attended to.
WASTE PAPER FOR SALE at the office of this paper.
If You Want a Cup
OF
REALLY GOOD TEA,
TRY
The Taeping Mixture
PACKED IN ONE POUND AND HALF-POUND PACKETS
CHINA TEA GARDENS.
ANALYSIS: I HAVE analysed an original packet of "THE TAEPING MIXTURE," and I certify that it is composed of PURE UNCOLOURED TEAS.
KARL THEODORE STAIGER, Analytical Chemist.
Christchurch Agents: THOMAS GOODMAN, Wholesale and Retail Grocer, Colombo street; DAVID STRANAGHAN, Family Grocer and Merchant, Victoria Street.
CLIFFORD, LOVE AND CO.,
TEA IMPORTERS,
SYDNEY AND BRISBANE.
TAYLOR & PAPPS'
PRICE LIST FOR NOVEMBER.
By comparing this LIST with the Prices usually charged in Christchurch, it will be found that a Reduction of 10 per cent. has been made. The question naturally arises—If we can save five shillings in the pound and give a first-class article, we must do so. TAYLOR & PAPPS, HIGH STREET, TWO DOORS FROM TUAM STREET.
These quotations are taken from our Price List, issued every month, which any one can obtain by applying at our shop:— Acid, tartaric, 2s 10d per lb; Almonds, Jordan, 1s per lb; Arrowroot, 1s per lb; Baking powder, 1s per lb; Blacklead, 6d per packet; Blue, 6d per lb; Borax, 8d per lb; Candles, 8½d per lb; Chocolate, 1s 3d per lb; Cocoa, 1s 4d per lb; Coffee, 1s 6d per lb; Currants, 6d per lb; Figs, 6d per lb; Flour, 10s 6d per 50lb bag; Ginger, 1s per lb; Honey, 6d per lb; Jams, 6d per tin; Lemon peel, 1s per lb; Macaroni, 9d per lb; Mustard, 1s 6d per lb; Oatmeal, 3d per lb; Pepper, 1s 4d per lb; Raisins, 6d per lb; Rice, 3d per lb; Sago, 4d per lb; Salt, 1d per lb; Soda, 2d per lb; Sugar, 4d per lb; Tea, 2s per lb; Vinegar, 1s per bottle.
— · — · — · — · — · — · — · — · — · — · —
— · — · — · — · — · — · — · — · — · — · —
— · — · — · — · — · — · — · — · — · — · —
— · — · — · — · — · — · — · — · — · — · —
— · — · — · — · — · — · — · — · — · — · —
— · — · — · — · — · — · — · — · — · — · —
— · — · — · — · — · — · — · — · — · — · —
— · — · — · — · — · — · — · — · — · — · —
— · — · — · — · — · — · — · — · — · — · —
— · — · — · — · — · — · — · — · — · — · —
— · — · — · — · — · — · — · — · — · — · —
— · — · — · — · — · — · — · — · — · — · —
— · — · — · — · — · — · — · — · — · — · —
— · — · — · — · — · — · — · — · — · — · —
— · — · — · — · — · — · — · — · — · — · —
— · — · — · — · — · — · — · — · — · — · —
— · — · — · — · — · — · — · — · — · — · —
— · — · — · — · — · — · — · — · — · — · —
— · — · — · — · — · — · — · — · — · — · —
— · — · — · — · — · — · — · — · — · — · —
— · — · — · — · — · — · — · — · — · — · —
— · — · — · — · — · — · — · — · — · — · —
— · — · — · — · — · — · — · — · — · — · —
— · — · — · — · — · — · — · — · — · — · —
— · — · — · — · — · — · — · — · — · — · —
— · — · — · — · — · — · — · — · — · — · —
— · — · — · — · — · — · — · — · — · — · —
— · — · — · — · — · — · — · — · — · — · —
— · — · — · — · — · — · — · — · — · — · —
— · — · — · — · — · — · — · — · — · — · —
— · — · — · — · — · — · — · — · — · — · —
— · — · — · — · — · — · — · — · — · — · —

TO THE LADIES.
SPECIAL ANNOUNCEMENT.
JUST OPENED AT
MONTAGUE'S
FANCY BAZAAR,
Strange's Buildings, High street. A SPLENDID ASSORTMENT OF CREWEL WOOLS, all shades. A new and complete stock of Art Needlework, Embroidery Silks, Berlin Wools, Ice Wool, Bead Trimmings. Also a small assortment Real Jet Cab Beads and Necklets.
INSPECTION INVITED AT MONTAGUE'S FANCY BAZAAR.
The Standard Brewery
COMPANY
(LIMITED).
St. Asaph street and Windmill road, Christchurch. BREWERS OF SPARKLING MALT ALE AND DOUBLE BROWN STOUT. BOTTLERS OF ALES AND STOUT of the Celebrated
JOHN BULL
BRAND. The Trade supplied at lowest current rates. Families in quantities of not less than 5 gals, in casks, or 1 doz. quarts or 2 doz. pints in bottles. Delivered free in Christchurch and suburbs.
AERATED WATER AND ICE MANUFACTORY, Corner Montreal and Tuam streets, Christchurch. Cordials of every description, lemonade, sodawater, &c.
G. A. LINDEMANN,
Proprietor.
Printed by CHARLES ALEXANDER PORTER and published by him at his Office in Cashel street, Christchurch, New Zealand, Tuesday, November 29, 1881.
